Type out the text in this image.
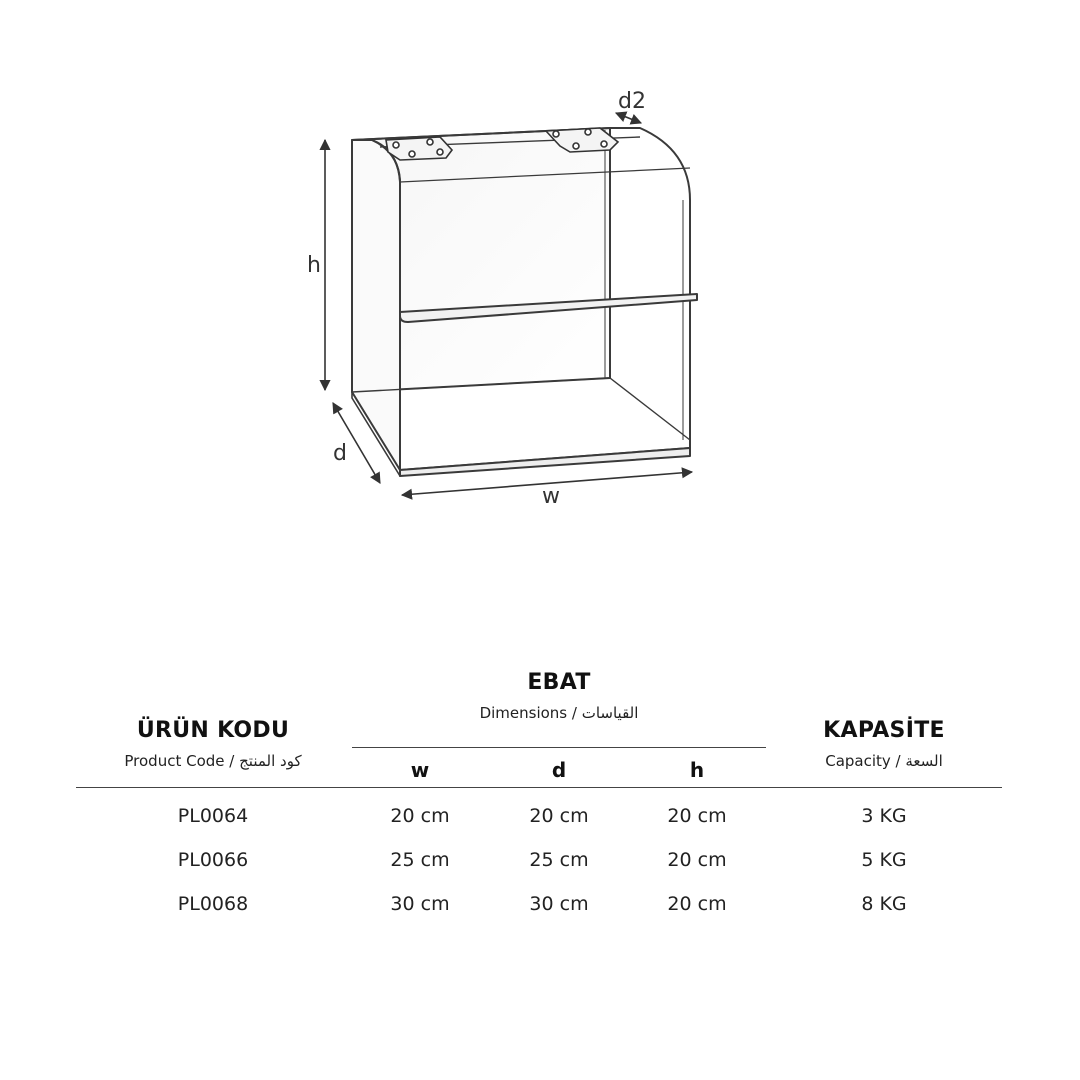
d2
h
d
w
EBAT
Dimensions / القياسات
ÜRÜN KODU
Product Code / كود المنتج
KAPASİTE
Capacity / السعة
w	d	h
PL0064	20 cm	20 cm	20 cm	3 KG
PL0066	25 cm	25 cm	20 cm	5 KG
PL0068	30 cm	30 cm	20 cm	8 KG
